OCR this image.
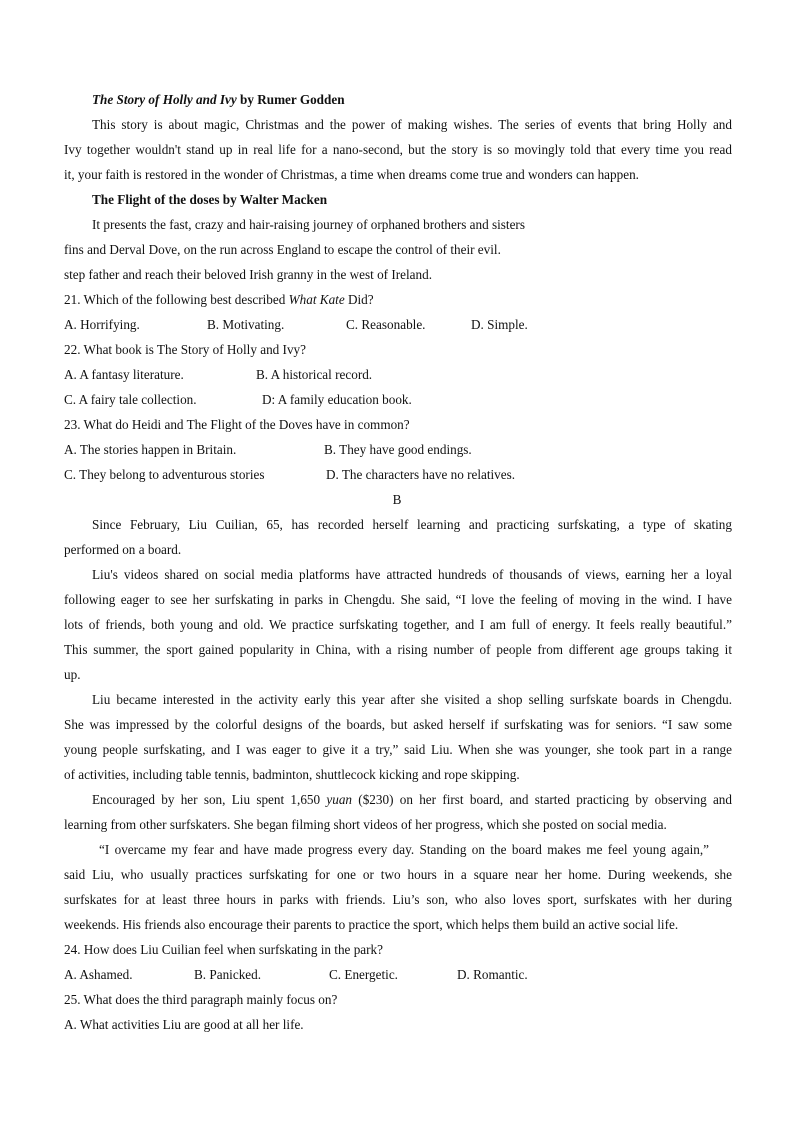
The Story of Holly and Ivy by Rumer Godden
This story is about magic, Christmas and the power of making wishes. The series of events that bring Holly and
Ivy together wouldn't stand up in real life for a nano-second, but the story is so movingly told that every time you read
it, your faith is restored in the wonder of Christmas, a time when dreams come true and wonders can happen.
The Flight of the doses by Walter Macken
It presents the fast, crazy and hair-raising journey of orphaned brothers and sisters
fins and Derval Dove, on the run across England to escape the control of their evil.
step father and reach their beloved Irish granny in the west of Ireland.
21. Which of the following best described What Kate Did?
A. Horrifying.	B. Motivating.	C. Reasonable.	D. Simple.
22. What book is The Story of Holly and Ivy?
A. A fantasy literature.	B. A historical record.
C. A fairy tale collection.	D: A family education book.
23. What do Heidi and The Flight of the Doves have in common?
A. The stories happen in Britain.	B. They have good endings.
C. They belong to adventurous stories	D. The characters have no relatives.
B
Since February, Liu Cuilian, 65, has recorded herself learning and practicing surfskating, a type of skating
performed on a board.
Liu's videos shared on social media platforms have attracted hundreds of thousands of views, earning her a loyal
following eager to see her surfskating in parks in Chengdu. She said, “I love the feeling of moving in the wind. I have
lots of friends, both young and old. We practice surfskating together, and I am full of energy. It feels really beautiful.”
This summer, the sport gained popularity in China, with a rising number of people from different age groups taking it
up.
Liu became interested in the activity early this year after she visited a shop selling surfskate boards in Chengdu.
She was impressed by the colorful designs of the boards, but asked herself if surfskating was for seniors. “I saw some
young people surfskating, and I was eager to give it a try,” said Liu. When she was younger, she took part in a range
of activities, including table tennis, badminton, shuttlecock kicking and rope skipping.
Encouraged by her son, Liu spent 1,650 yuan ($230) on her first board, and started practicing by observing and
learning from other surfskaters. She began filming short videos of her progress, which she posted on social media.
“I overcame my fear and have made progress every day. Standing on the board makes me feel young again,”
said Liu, who usually practices surfskating for one or two hours in a square near her home. During weekends, she
surfskates for at least three hours in parks with friends. Liu’s son, who also loves sport, surfskates with her during
weekends. His friends also encourage their parents to practice the sport, which helps them build an active social life.
24. How does Liu Cuilian feel when surfskating in the park?
A. Ashamed.	B. Panicked.	C. Energetic.	D. Romantic.
25. What does the third paragraph mainly focus on?
A. What activities Liu are good at all her life.
